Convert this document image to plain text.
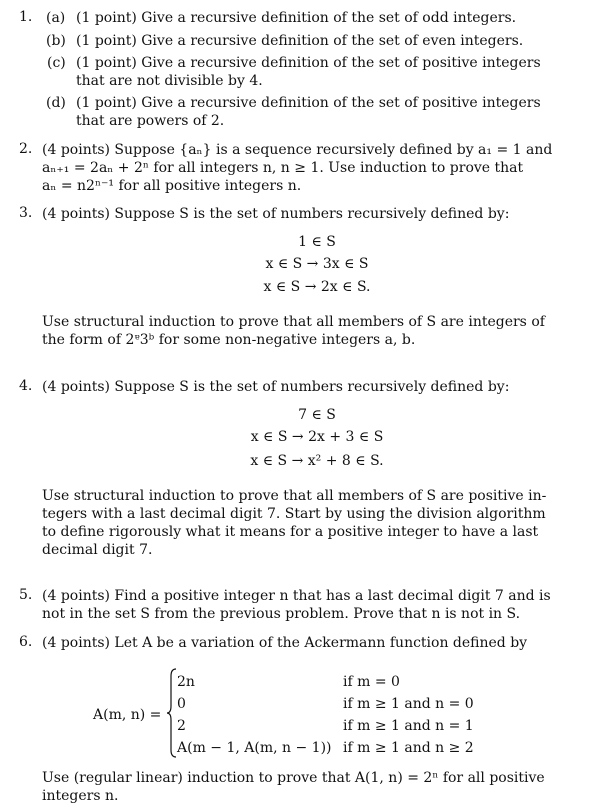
1. (a) (1 point) Give a recursive definition of the set of odd integers.
(b) (1 point) Give a recursive definition of the set of even integers.
(c) (1 point) Give a recursive definition of the set of positive integers
that are not divisible by 4.
(d) (1 point) Give a recursive definition of the set of positive integers
that are powers of 2.
2. (4 points) Suppose {aₙ} is a sequence recursively defined by a₁ = 1 and
aₙ₊₁ = 2aₙ + 2ⁿ for all integers n, n ≥ 1. Use induction to prove that
aₙ = n2ⁿ⁻¹ for all positive integers n.
3. (4 points) Suppose S is the set of numbers recursively defined by:
1 ∈ S
x ∈ S → 3x ∈ S
x ∈ S → 2x ∈ S.
Use structural induction to prove that all members of S are integers of
the form of 2ᵄ3ᵇ for some non-negative integers a, b.
4. (4 points) Suppose S is the set of numbers recursively defined by:
7 ∈ S
x ∈ S → 2x + 3 ∈ S
x ∈ S → x² + 8 ∈ S.
Use structural induction to prove that all members of S are positive in-
tegers with a last decimal digit 7. Start by using the division algorithm
to define rigorously what it means for a positive integer to have a last
decimal digit 7.
5. (4 points) Find a positive integer n that has a last decimal digit 7 and is
not in the set S from the previous problem. Prove that n is not in S.
6. (4 points) Let A be a variation of the Ackermann function defined by
A(m, n) =
2n	if m = 0
0	if m ≥ 1 and n = 0
2	if m ≥ 1 and n = 1
A(m − 1, A(m, n − 1)) if m ≥ 1 and n ≥ 2
Use (regular linear) induction to prove that A(1, n) = 2ⁿ for all positive
integers n.
